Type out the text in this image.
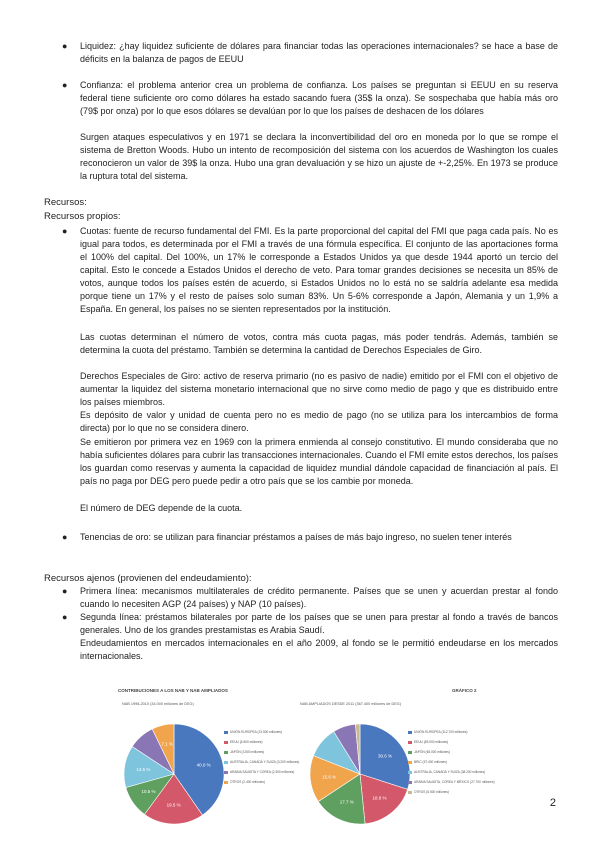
● Liquidez: ¿hay liquidez suficiente de dólares para financiar todas las operaciones internacionales? se hace a base de déficits en la balanza de pagos de EEUU
● Confianza: el problema anterior crea un problema de confianza. Los países se preguntan si EEUU en su reserva federal tiene suficiente oro como dólares ha estado sacando fuera (35$ la onza). Se sospechaba que había más oro (79$ por onza) por lo que esos dólares se devalúan por lo que los países de deshacen de los dólares
Surgen ataques especulativos y en 1971 se declara la inconvertibilidad del oro en moneda por lo que se rompe el sistema de Bretton Woods. Hubo un intento de recomposición del sistema con los acuerdos de Washington los cuales reconocieron un valor de 39$ la onza. Hubo una gran devaluación y se hizo un ajuste de +-2,25%. En 1973 se produce la ruptura total del sistema.
Recursos:
Recursos propios:
● Cuotas: fuente de recurso fundamental del FMI. Es la parte proporcional del capital del FMI que paga cada país. No es igual para todos, es determinada por el FMI a través de una fórmula específica. El conjunto de las aportaciones forma el 100% del capital. Del 100%, un 17% le corresponde a Estados Unidos ya que desde 1944 aportó un tercio del capital. Esto le concede a Estados Unidos el derecho de veto. Para tomar grandes decisiones se necesita un 85% de votos, aunque todos los países estén de acuerdo, si Estados Unidos no lo está no se saldría adelante esa medida porque tiene un 17% y el resto de países solo suman 83%. Un 5-6% corresponde a Japón, Alemania y un 1,9% a España. En general, los países no se sienten representados por la institución.
Las cuotas determinan el número de votos, contra más cuota pagas, más poder tendrás. Además, también se determina la cuota del préstamo. También se determina la cantidad de Derechos Especiales de Giro.
Derechos Especiales de Giro: activo de reserva primario (no es pasivo de nadie) emitido por el FMI con el objetivo de aumentar la liquidez del sistema monetario internacional que no sirve como medio de pago y que es distribuido entre los países miembros.
Es depósito de valor y unidad de cuenta pero no es medio de pago (no se utiliza para los intercambios de forma directa) por lo que no se considera dinero.
Se emitieron por primera vez en 1969 con la primera enmienda al consejo constitutivo. El mundo consideraba que no había suficientes dólares para cubrir las transacciones internacionales. Cuando el FMI emite estos derechos, los países los guardan como reservas y aumenta la capacidad de liquidez mundial dándole capacidad de financiación al país. El país no paga por DEG pero puede pedir a otro país que se los cambie por moneda.
El número de DEG depende de la cuota.
● Tenencias de oro: se utilizan para financiar préstamos a países de más bajo ingreso, no suelen tener interés
Recursos ajenos (provienen del endeudamiento):
● Primera línea: mecanismos multilaterales de crédito permanente. Países que se unen y acuerdan prestar al fondo cuando lo necesiten AGP (24 países) y NAP (10 países).
● Segunda línea: préstamos bilaterales por parte de los países que se unen para prestar al fondo a través de bancos generales. Uno de los grandes prestamistas es Arabia Saudí.
Endeudamientos en mercados internacionales en el año 2009, al fondo se le permitió endeudarse en los mercados internacionales.
CONTRIBUCIONES A LOS NAB Y NAB AMPLIADOS	GRÁFICO 2
NAB 1998-2010 (34.000 millones de DEG)	NAB AMPLIADOS DESDE 2011 (367.400 millones de DEG)
40.0 %
19.5 %
10.5 %
13.5 %
7.1 %
30.6 %
18.8 %
17.7 %
15.6 %
UNIÓN EUROPEA (13.500 millones)
EEUU (6.500 millones)
JAPÓN (3.500 millones)
AUSTRALIA, CANADÁ Y SUIZA (3.200 millones)
ARABIA SAUDITA Y COREA (2.300 millones)
OTROS (2.400 millones)
UNIÓN EUROPEA (112.700 millones)
EEUU (69.000 millones)
JAPÓN (65.000 millones)
BRIC (57.400 millones)
AUSTRALIA, CANADÁ Y SUIZA (38.200 millones)
ARABIA SAUDITA, COREA Y MÉXICO (27.700 millones)
OTROS (5.500 millones)
2
